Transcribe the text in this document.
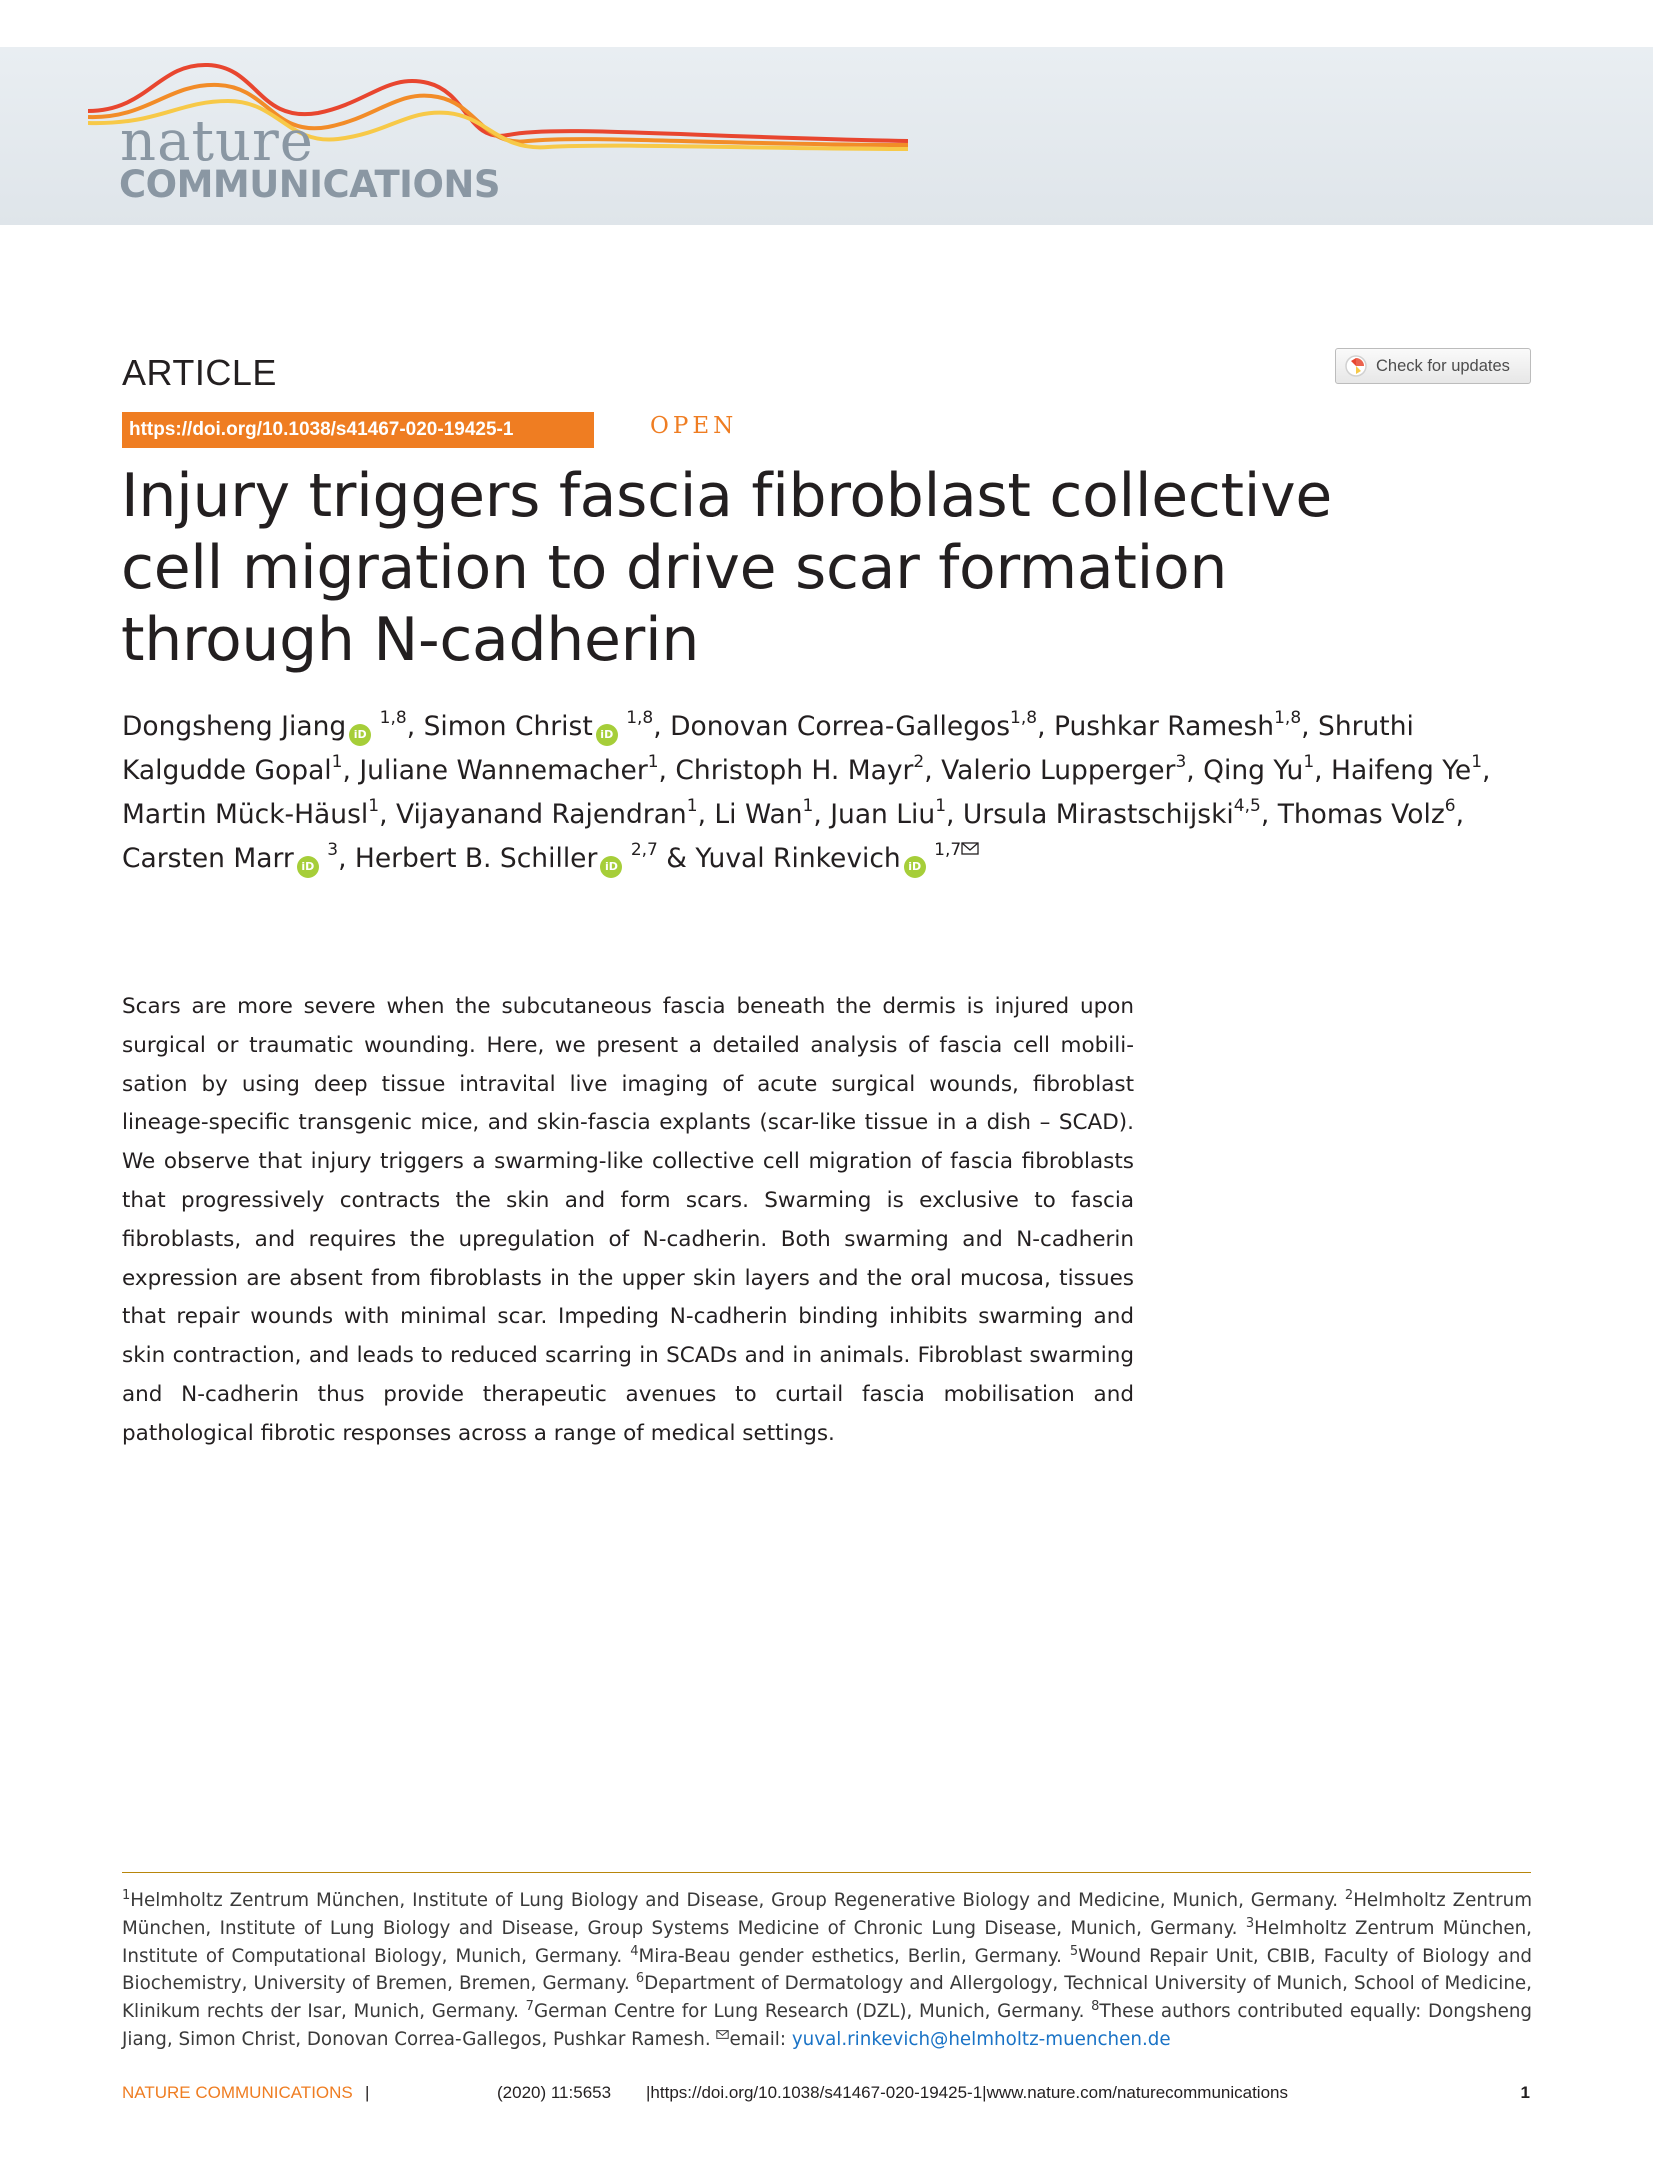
nature
COMMUNICATIONS
ARTICLE	Check for updates
https://doi.org/10.1038/s41467-020-19425-1	OPEN
Injury triggers fascia fibroblast collective cell migration to drive scar formation through N-cadherin

Dongsheng Jiang iD $^{1,8}$, Simon Christ iD $^{1,8}$, Donovan Correa-Gallegos$^{1,8}$, Pushkar Ramesh$^{1,8}$, Shruthi Kalgudde Gopal$^1$, Juliane Wannemacher$^1$, Christoph H. Mayr$^2$, Valerio Lupperger$^3$, Qing Yu$^1$, Haifeng Ye$^1$, Martin Mück-Häusl$^1$, Vijayanand Rajendran$^1$, Li Wan$^1$, Juan Liu$^1$, Ursula Mirastschijski$^{4,5}$, Thomas Volz$^6$, Carsten Marr iD $^3$, Herbert B. Schiller iD $^{2,7}$ & Yuval Rinkevich iD $^{1,7}$

Scars are more severe when the subcutaneous fascia beneath the dermis is injured upon surgical or traumatic wounding. Here, we present a detailed analysis of fascia cell mobilisation by using deep tissue intravital live imaging of acute surgical wounds, fibroblast lineage-specific transgenic mice, and skin-fascia explants (scar-like tissue in a dish – SCAD). We observe that injury triggers a swarming-like collective cell migration of fascia fibroblasts that progressively contracts the skin and form scars. Swarming is exclusive to fascia fibroblasts, and requires the upregulation of N-cadherin. Both swarming and N-cadherin expression are absent from fibroblasts in the upper skin layers and the oral mucosa, tissues that repair wounds with minimal scar. Impeding N-cadherin binding inhibits swarming and skin contraction, and leads to reduced scarring in SCADs and in animals. Fibroblast swarming and N-cadherin thus provide therapeutic avenues to curtail fascia mobilisation and pathological fibrotic responses across a range of medical settings.

$^1$Helmholtz Zentrum München, Institute of Lung Biology and Disease, Group Regenerative Biology and Medicine, Munich, Germany. $^2$Helmholtz Zentrum München, Institute of Lung Biology and Disease, Group Systems Medicine of Chronic Lung Disease, Munich, Germany. $^3$Helmholtz Zentrum München, Institute of Computational Biology, Munich, Germany. $^4$Mira-Beau gender esthetics, Berlin, Germany. $^5$Wound Repair Unit, CBIB, Faculty of Biology and Biochemistry, University of Bremen, Bremen, Germany. $^6$Department of Dermatology and Allergology, Technical University of Munich, School of Medicine, Klinikum rechts der Isar, Munich, Germany. $^7$German Centre for Lung Research (DZL), Munich, Germany. $^8$These authors contributed equally: Dongsheng Jiang, Simon Christ, Donovan Correa-Gallegos, Pushkar Ramesh. email: yuval.rinkevich@helmholtz-muenchen.de

NATURE COMMUNICATIONS |	(2020) 11:5653 |https://doi.org/10.1038/s41467-020-19425-1|www.nature.com/naturecommunications	1
